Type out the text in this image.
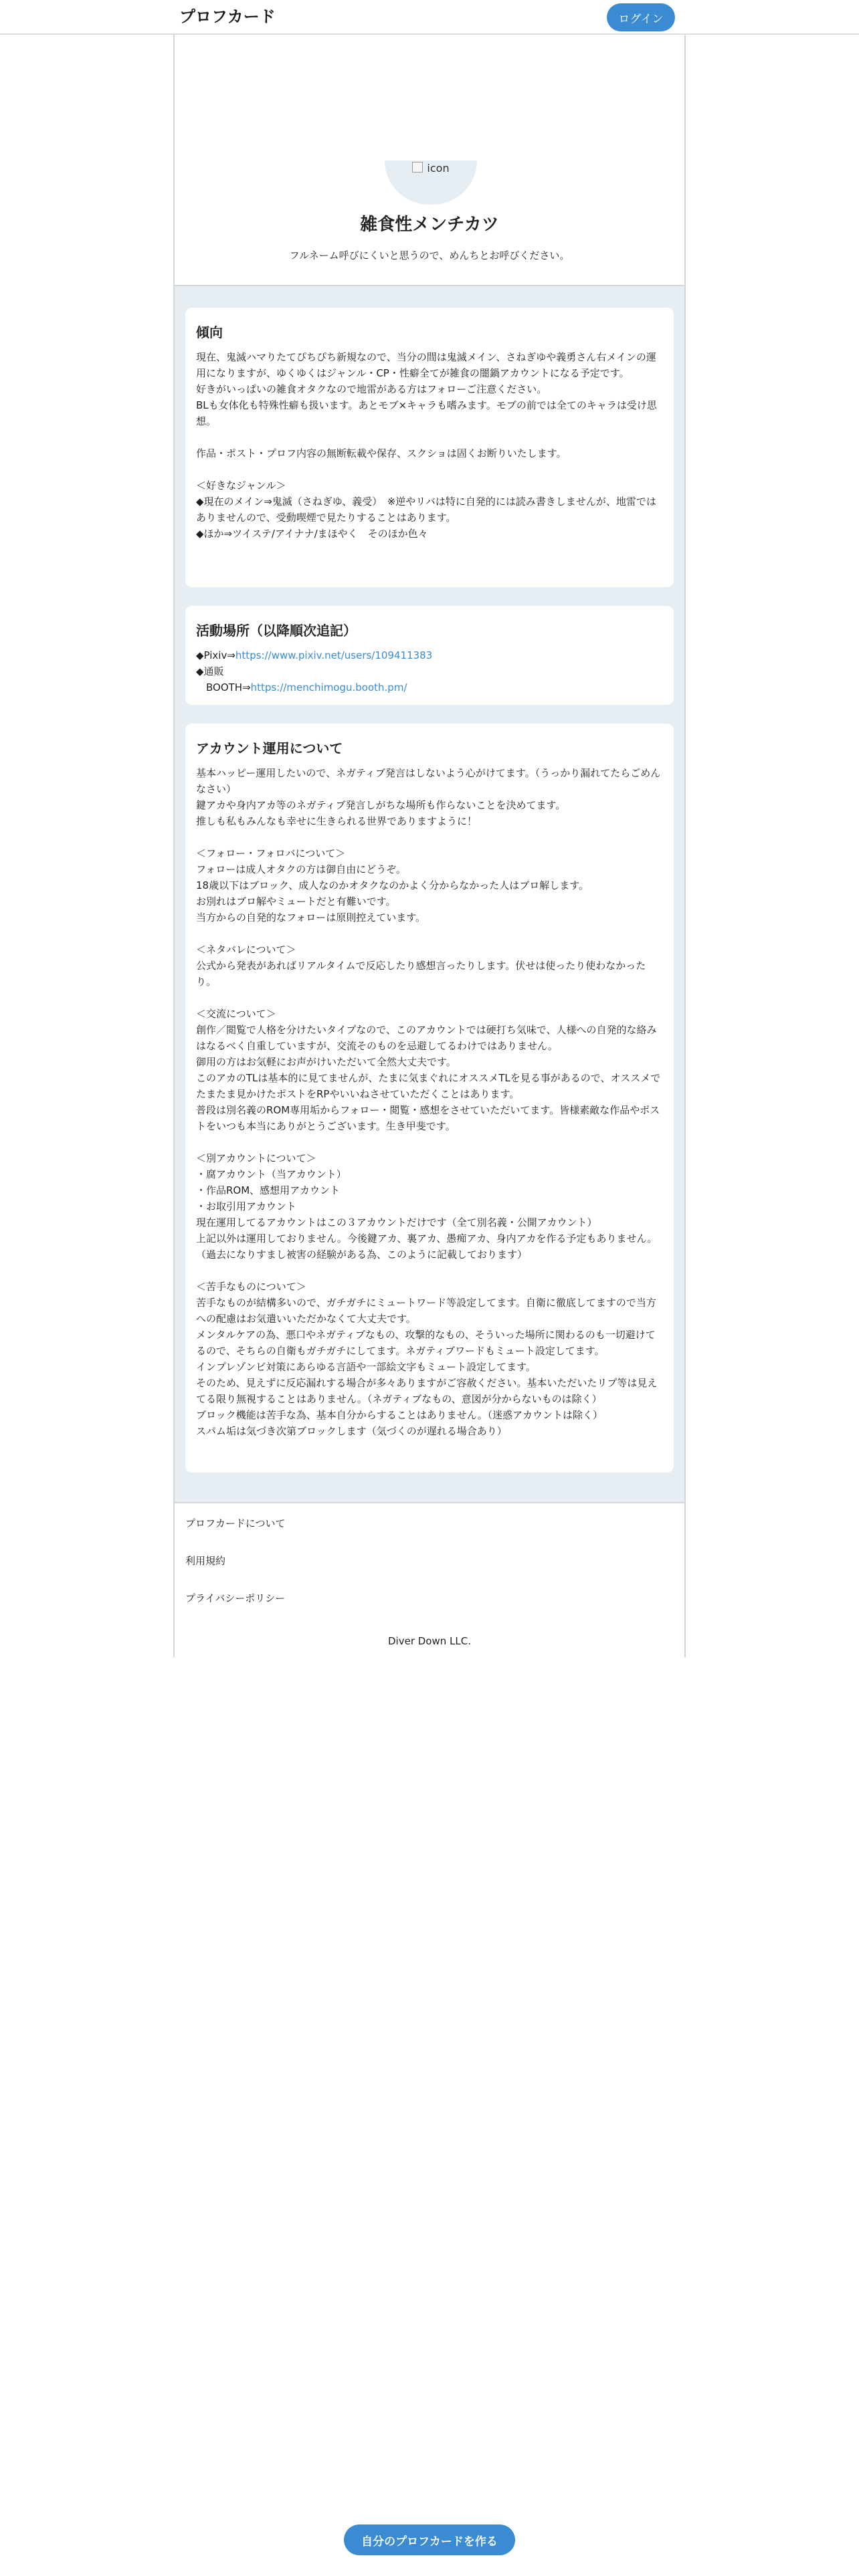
プロフカード	ログイン
icon
雑食性メンチカツ
フルネーム呼びにくいと思うので、めんちとお呼びください。
傾向
現在、鬼滅ハマりたてぴちぴち新規なので、当分の間は鬼滅メイン、さねぎゆや義勇さん右メインの運用になりますが、ゆくゆくはジャンル・CP・性癖全てが雑食の闇鍋アカウントになる予定です。
好きがいっぱいの雑食オタクなので地雷がある方はフォローご注意ください。
BLも女体化も特殊性癖も扱います。あとモブ×キャラも嗜みます。モブの前では全てのキャラは受け思想。

作品・ポスト・プロフ内容の無断転載や保存、スクショは固くお断りいたします。

＜好きなジャンル＞
◆現在のメイン⇒鬼滅（さねぎゆ、義受）　※逆やリバは特に自発的には読み書きしませんが、地雷ではありませんので、受動喫煙で見たりすることはあります。
◆ほか⇒ツイステ/アイナナ/まほやく　そのほか色々
活動場所（以降順次追記）
◆Pixiv⇒https://www.pixiv.net/users/109411383
◆通販
　BOOTH⇒https://menchimogu.booth.pm/
アカウント運用について
基本ハッピー運用したいので、ネガティブ発言はしないよう心がけてます。（うっかり漏れてたらごめんなさい）
鍵アカや身内アカ等のネガティブ発言しがちな場所も作らないことを決めてます。
推しも私もみんなも幸せに生きられる世界でありますように！

＜フォロー・フォロバについて＞
フォローは成人オタクの方は御自由にどうぞ。
18歳以下はブロック、成人なのかオタクなのかよく分からなかった人はブロ解します。
お別れはブロ解やミュートだと有難いです。
当方からの自発的なフォローは原則控えています。

＜ネタバレについて＞
公式から発表があればリアルタイムで反応したり感想言ったりします。伏せは使ったり使わなかったり。

＜交流について＞
創作／閲覧で人格を分けたいタイプなので、このアカウントでは硬打ち気味で、人様への自発的な絡みはなるべく自重していますが、交流そのものを忌避してるわけではありません。
御用の方はお気軽にお声がけいただいて全然大丈夫です。
このアカのTLは基本的に見てませんが、たまに気まぐれにオススメTLを見る事があるので、オススメでたまたま見かけたポストをRPやいいねさせていただくことはあります。
普段は別名義のROM専用垢からフォロー・閲覧・感想をさせていただいてます。皆様素敵な作品やポストをいつも本当にありがとうございます。生き甲斐です。

＜別アカウントについて＞
・腐アカウント（当アカウント）
・作品ROM、感想用アカウント
・お取引用アカウント
現在運用してるアカウントはこの３アカウントだけです（全て別名義・公開アカウント）
上記以外は運用しておりません。今後鍵アカ、裏アカ、愚痴アカ、身内アカを作る予定もありません。
（過去になりすまし被害の経験がある為、このように記載しております）

＜苦手なものについて＞
苦手なものが結構多いので、ガチガチにミュートワード等設定してます。自衛に徹底してますので当方への配慮はお気遣いいただかなくて大丈夫です。
メンタルケアの為、悪口やネガティブなもの、攻撃的なもの、そういった場所に関わるのも一切避けてるので、そちらの自衛もガチガチにしてます。ネガティブワードもミュート設定してます。
インプレゾンビ対策にあらゆる言語や一部絵文字もミュート設定してます。
そのため、見えずに反応漏れする場合が多々ありますがご容赦ください。基本いただいたリプ等は見えてる限り無視することはありません。（ネガティブなもの、意図が分からないものは除く）
ブロック機能は苦手な為、基本自分からすることはありません。（迷惑アカウントは除く）
スパム垢は気づき次第ブロックします（気づくのが遅れる場合あり）
プロフカードについて
利用規約
プライバシーポリシー
Diver Down LLC.
自分のプロフカードを作る
